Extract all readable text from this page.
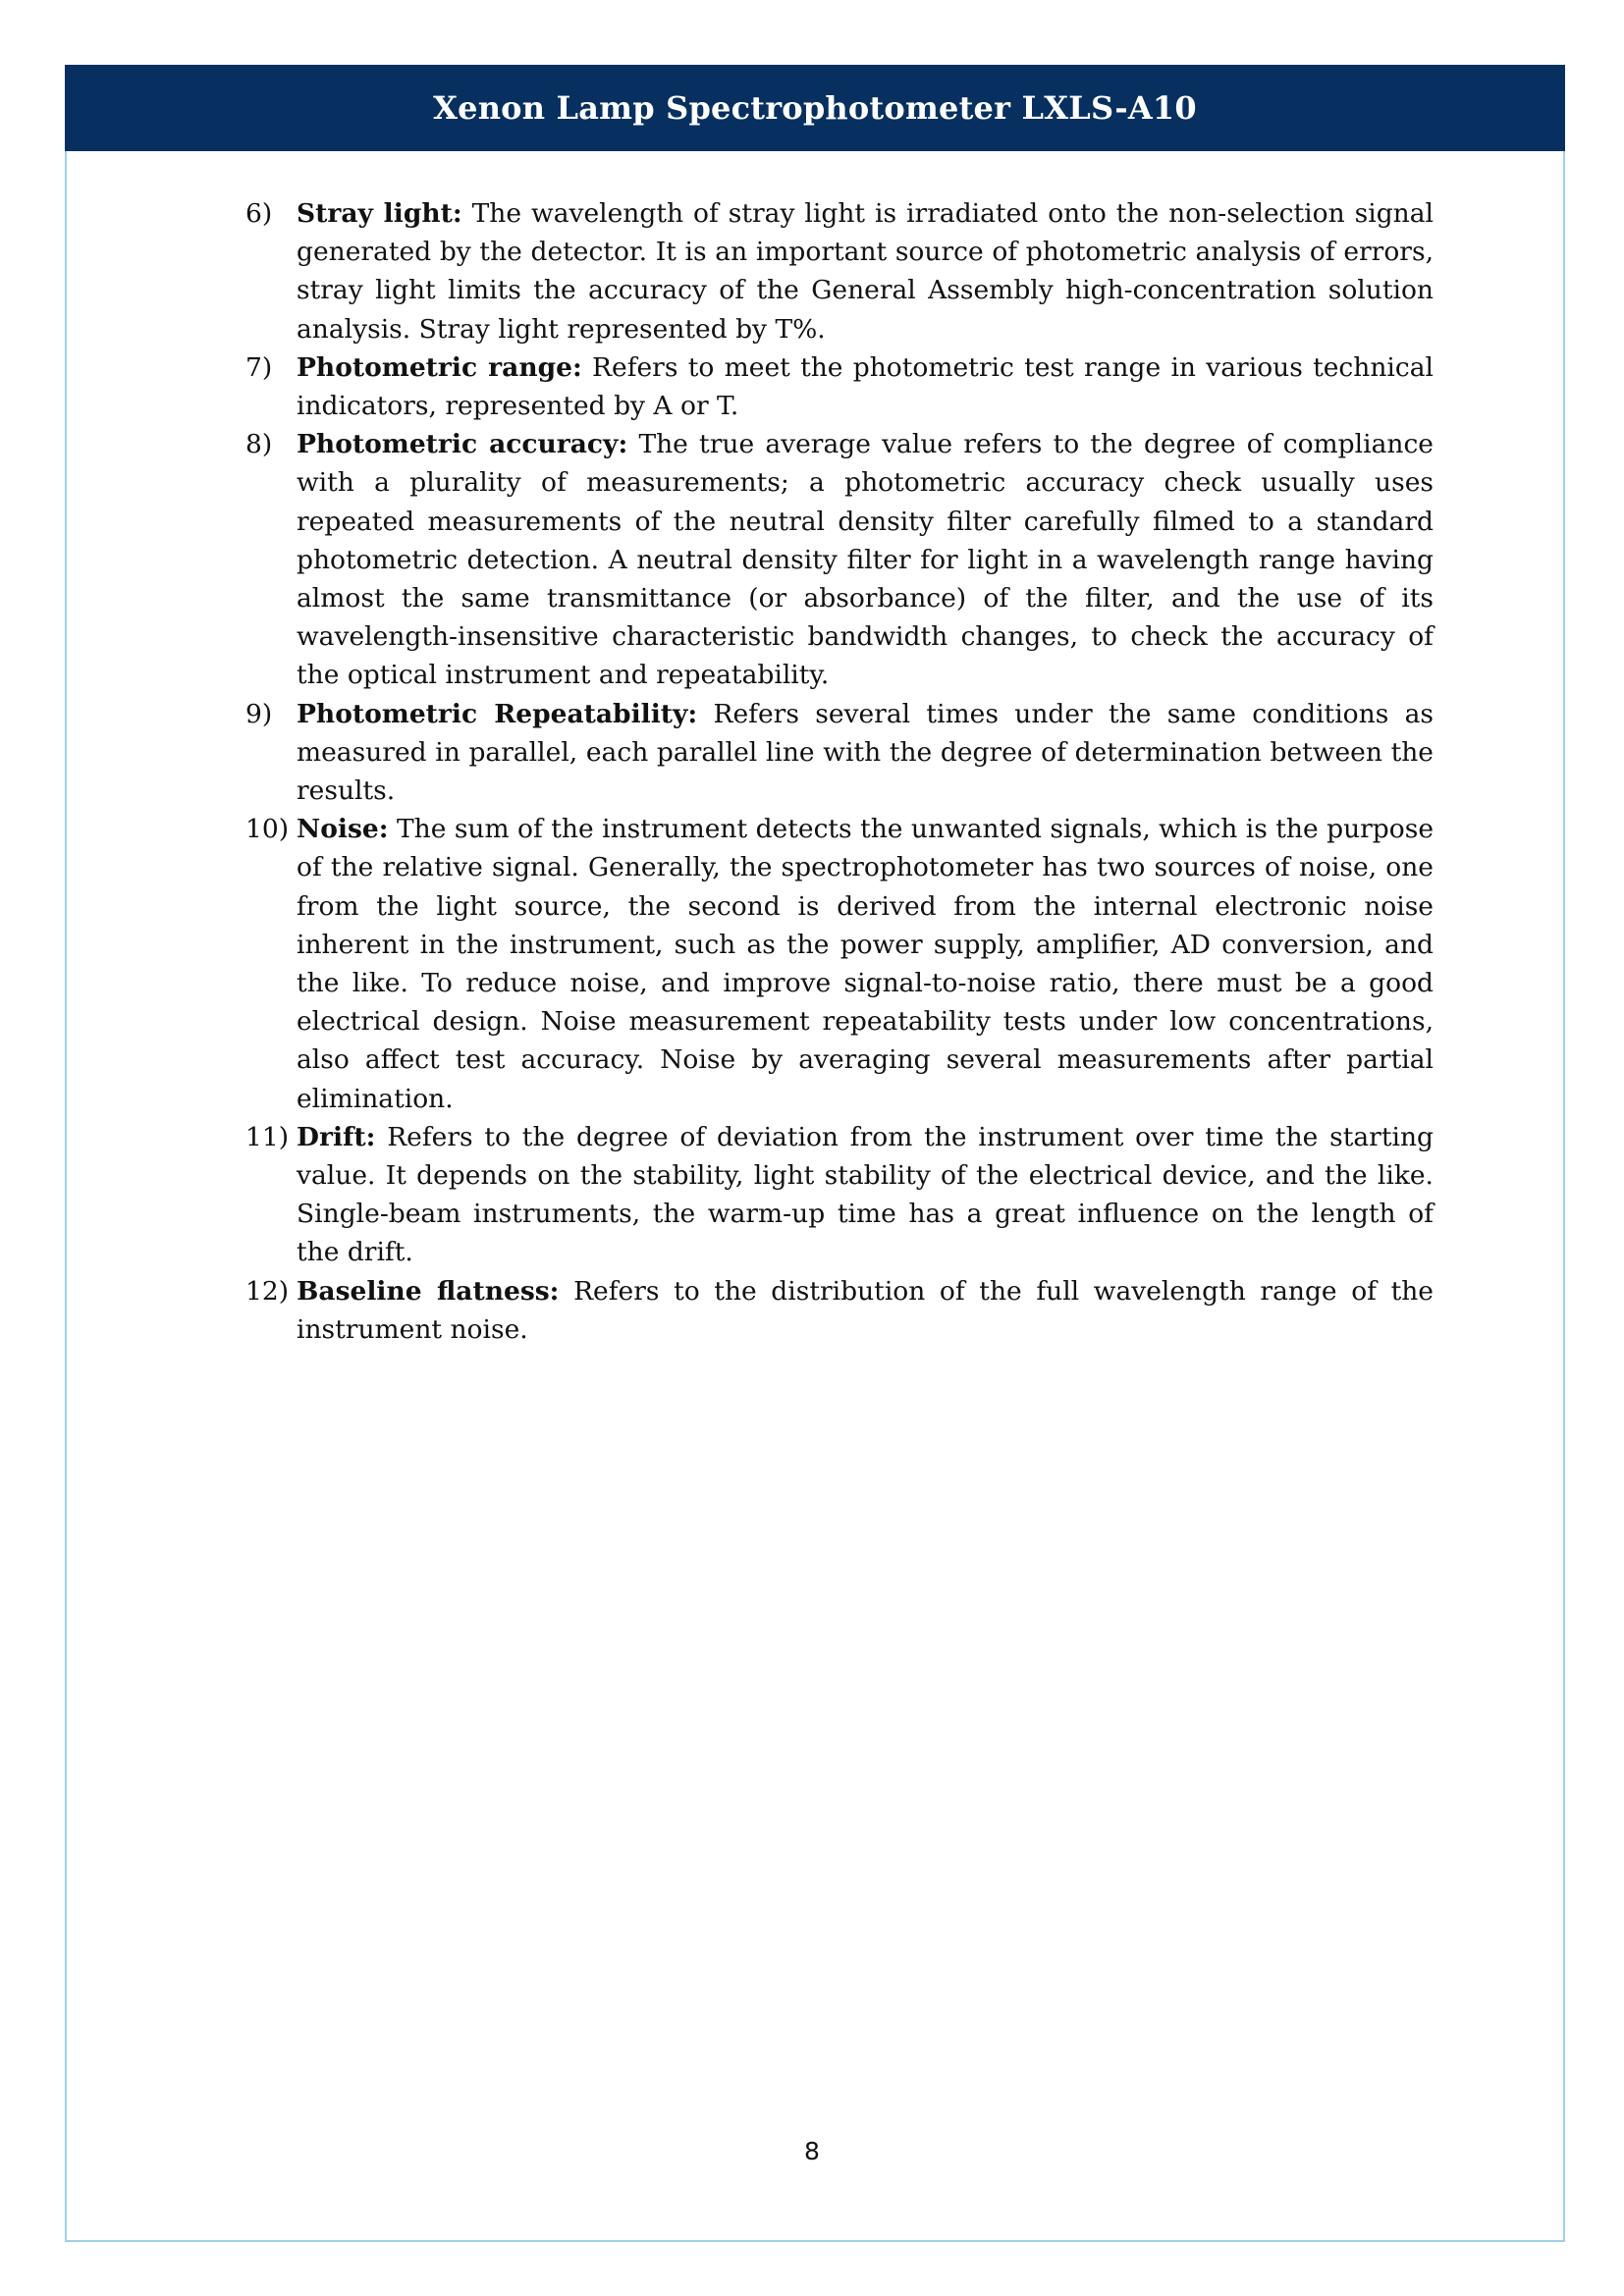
Xenon Lamp Spectrophotometer LXLS-A10
6) Stray light: The wavelength of stray light is irradiated onto the non-selection signal generated by the detector. It is an important source of photometric analysis of errors, stray light limits the accuracy of the General Assembly high-concentration solution analysis. Stray light represented by T%.
7) Photometric range: Refers to meet the photometric test range in various technical indicators, represented by A or T.
8) Photometric accuracy: The true average value refers to the degree of compliance with a plurality of measurements; a photometric accuracy check usually uses repeated measurements of the neutral density filter carefully filmed to a standard photometric detection. A neutral density filter for light in a wavelength range having almost the same transmittance (or absorbance) of the filter, and the use of its wavelength-insensitive characteristic bandwidth changes, to check the accuracy of the optical instrument and repeatability.
9) Photometric Repeatability: Refers several times under the same conditions as measured in parallel, each parallel line with the degree of determination between the results.
10) Noise: The sum of the instrument detects the unwanted signals, which is the purpose of the relative signal. Generally, the spectrophotometer has two sources of noise, one from the light source, the second is derived from the internal electronic noise inherent in the instrument, such as the power supply, amplifier, AD conversion, and the like. To reduce noise, and improve signal-to-noise ratio, there must be a good electrical design. Noise measurement repeatability tests under low concentrations, also affect test accuracy. Noise by averaging several measurements after partial elimination.
11) Drift: Refers to the degree of deviation from the instrument over time the starting value. It depends on the stability, light stability of the electrical device, and the like. Single-beam instruments, the warm-up time has a great influence on the length of the drift.
12) Baseline flatness: Refers to the distribution of the full wavelength range of the instrument noise.
8
